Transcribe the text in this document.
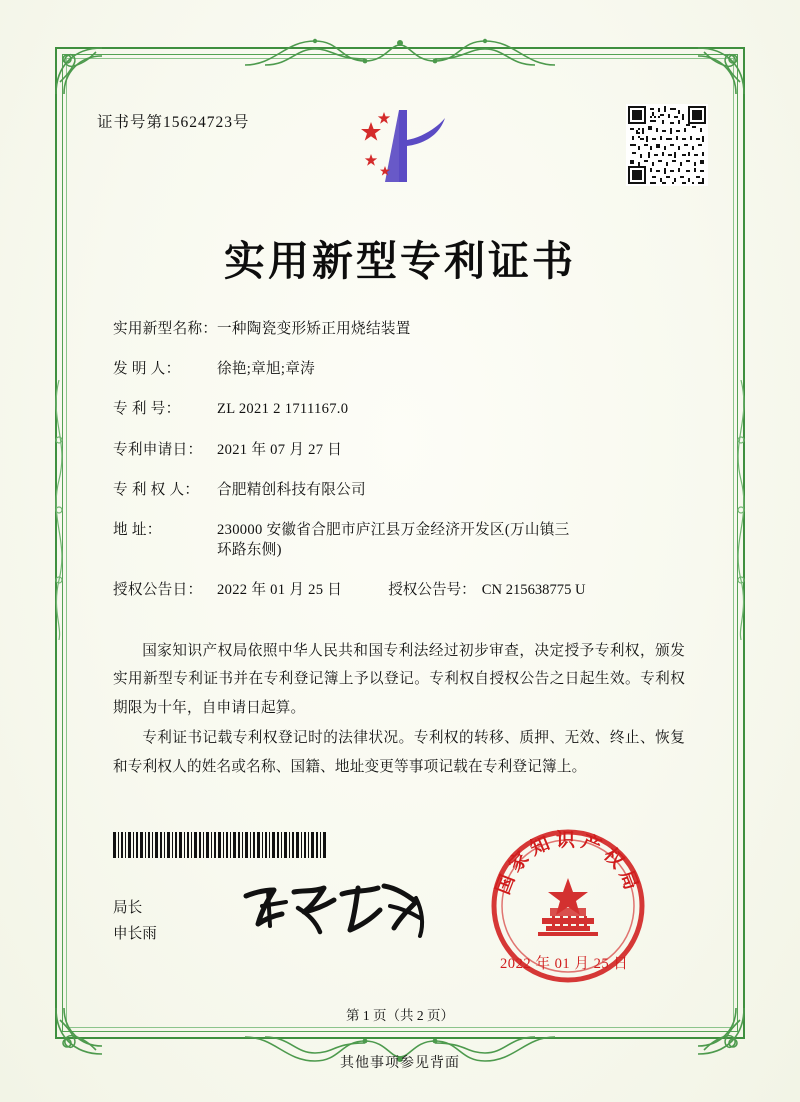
证书号第15624723号
实用新型专利证书
实用新型名称： 一种陶瓷变形矫正用烧结装置
发 明 人：	徐艳;章旭;章涛
专 利 号：	ZL 2021 2 1711167.0
专利申请日：	2021 年 07 月 27 日
专 利 权 人：	合肥精创科技有限公司
地 址：	230000 安徽省合肥市庐江县万金经济开发区(万山镇三
环路东侧)
授权公告日：	2022 年 01 月 25 日	授权公告号： CN 215638775 U

国家知识产权局依照中华人民共和国专利法经过初步审查，决定授予专利权，颁发实用新型专利证书并在专利登记簿上予以登记。专利权自授权公告之日起生效。专利权期限为十年，自申请日起算。

专利证书记载专利权登记时的法律状况。专利权的转移、质押、无效、终止、恢复和专利权人的姓名或名称、国籍、地址变更等事项记载在专利登记簿上。

局长
申长雨
国家知识产权局
2022 年 01 月 25 日
第 1 页（共 2 页）
其他事项参见背面
